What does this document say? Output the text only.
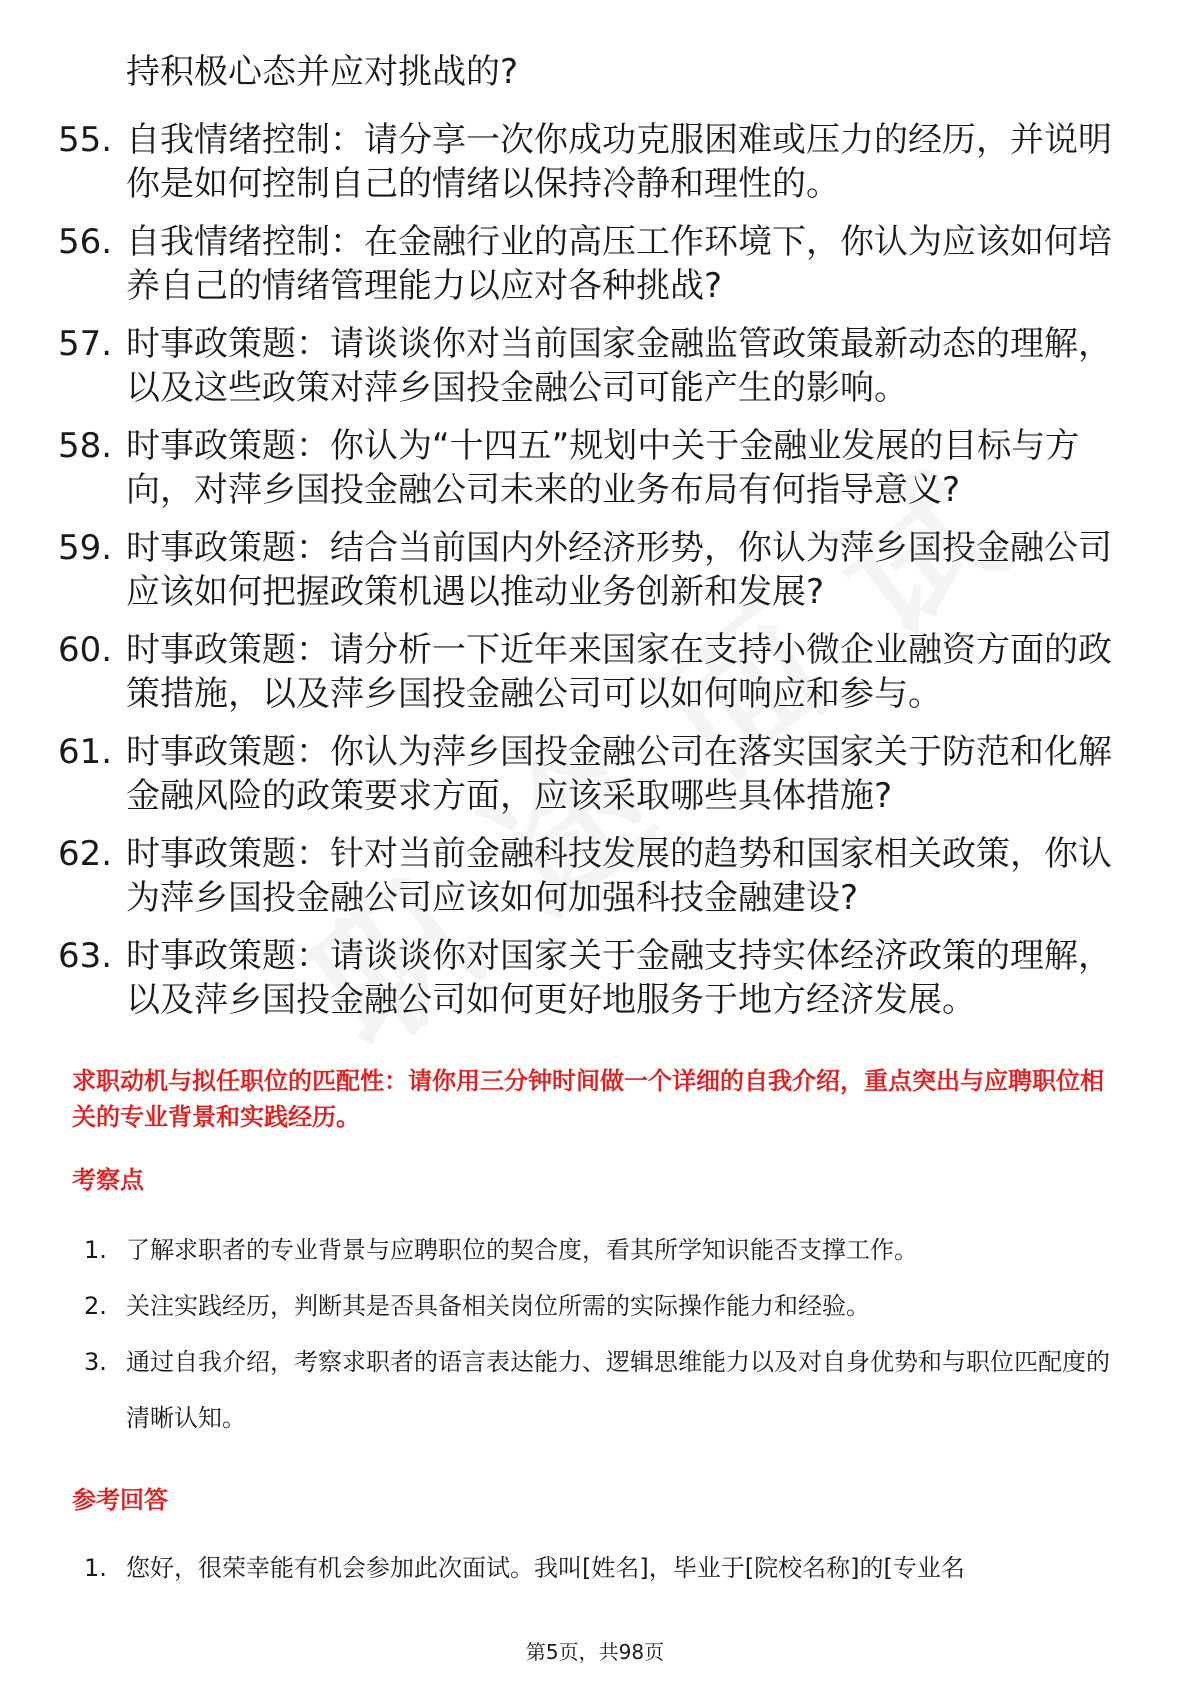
持积极心态并应对挑战的?

55. 自我情绪控制：请分享一次你成功克服困难或压力的经历，并说明你是如何控制自己的情绪以保持冷静和理性的。
56. 自我情绪控制：在金融行业的高压工作环境下，你认为应该如何培养自己的情绪管理能力以应对各种挑战?
57. 时事政策题：请谈谈你对当前国家金融监管政策最新动态的理解，以及这些政策对萍乡国投金融公司可能产生的影响。
58. 时事政策题：你认为“十四五”规划中关于金融业发展的目标与方向，对萍乡国投金融公司未来的业务布局有何指导意义?
59. 时事政策题：结合当前国内外经济形势，你认为萍乡国投金融公司应该如何把握政策机遇以推动业务创新和发展?
60. 时事政策题：请分析一下近年来国家在支持小微企业融资方面的政策措施，以及萍乡国投金融公司可以如何响应和参与。
61. 时事政策题：你认为萍乡国投金融公司在落实国家关于防范和化解金融风险的政策要求方面，应该采取哪些具体措施?
62. 时事政策题：针对当前金融科技发展的趋势和国家相关政策，你认为萍乡国投金融公司应该如何加强科技金融建设?
63. 时事政策题：请谈谈你对国家关于金融支持实体经济政策的理解，以及萍乡国投金融公司如何更好地服务于地方经济发展。

求职动机与拟任职位的匹配性：请你用三分钟时间做一个详细的自我介绍，重点突出与应聘职位相关的专业背景和实践经历。

考察点

1. 了解求职者的专业背景与应聘职位的契合度，看其所学知识能否支撑工作。
2. 关注实践经历，判断其是否具备相关岗位所需的实际操作能力和经验。
3. 通过自我介绍，考察求职者的语言表达能力、逻辑思维能力以及对自身优势和与职位匹配度的清晰认知。

参考回答

1. 您好，很荣幸能有机会参加此次面试。我叫[姓名]，毕业于[院校名称]的[专业名

第5页，共98页
